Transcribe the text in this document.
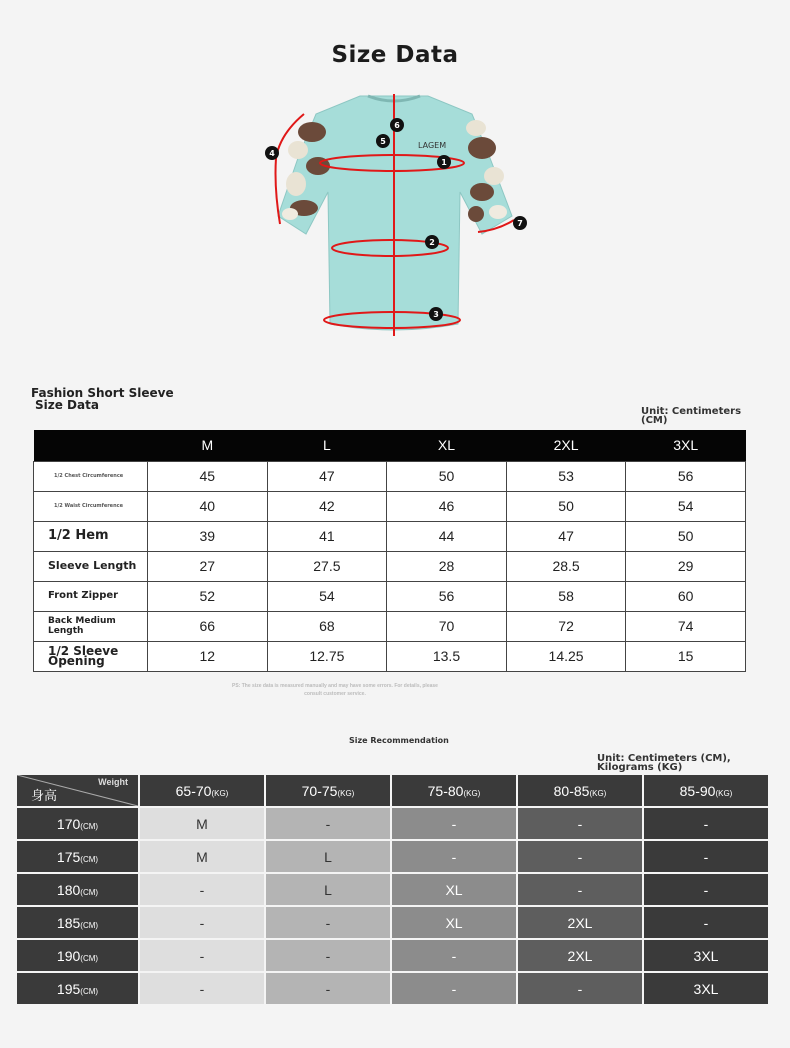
Size Data
LAGEM
1
2
3
4
5
6
7
Fashion Short Sleeve
Size Data	Unit: Centimeters (CM)
	M	L	XL	2XL	3XL
1/2 Chest Circumference	45	47	50	53	56
1/2 Waist Circumference	40	42	46	50	54
1/2 Hem	39	41	44	47	50
Sleeve Length	27	27.5	28	28.5	29
Front Zipper	52	54	56	58	60
Back Medium Length	66	68	70	72	74
1/2 Sleeve Opening	12	12.75	13.5	14.25	15
PS: The size data is measured manually and may have some errors. For details, please consult customer service.
Size Recommendation
Unit: Centimeters (CM), Kilograms (KG)
Weight
身高	65-70(KG)	70-75(KG)	75-80(KG)	80-85(KG)	85-90(KG)
170(CM)	M	-	-	-	-
175(CM)	M	L	-	-	-
180(CM)	-	L	XL	-	-
185(CM)	-	-	XL	2XL	-
190(CM)	-	-	-	2XL	3XL
195(CM)	-	-	-	-	3XL
